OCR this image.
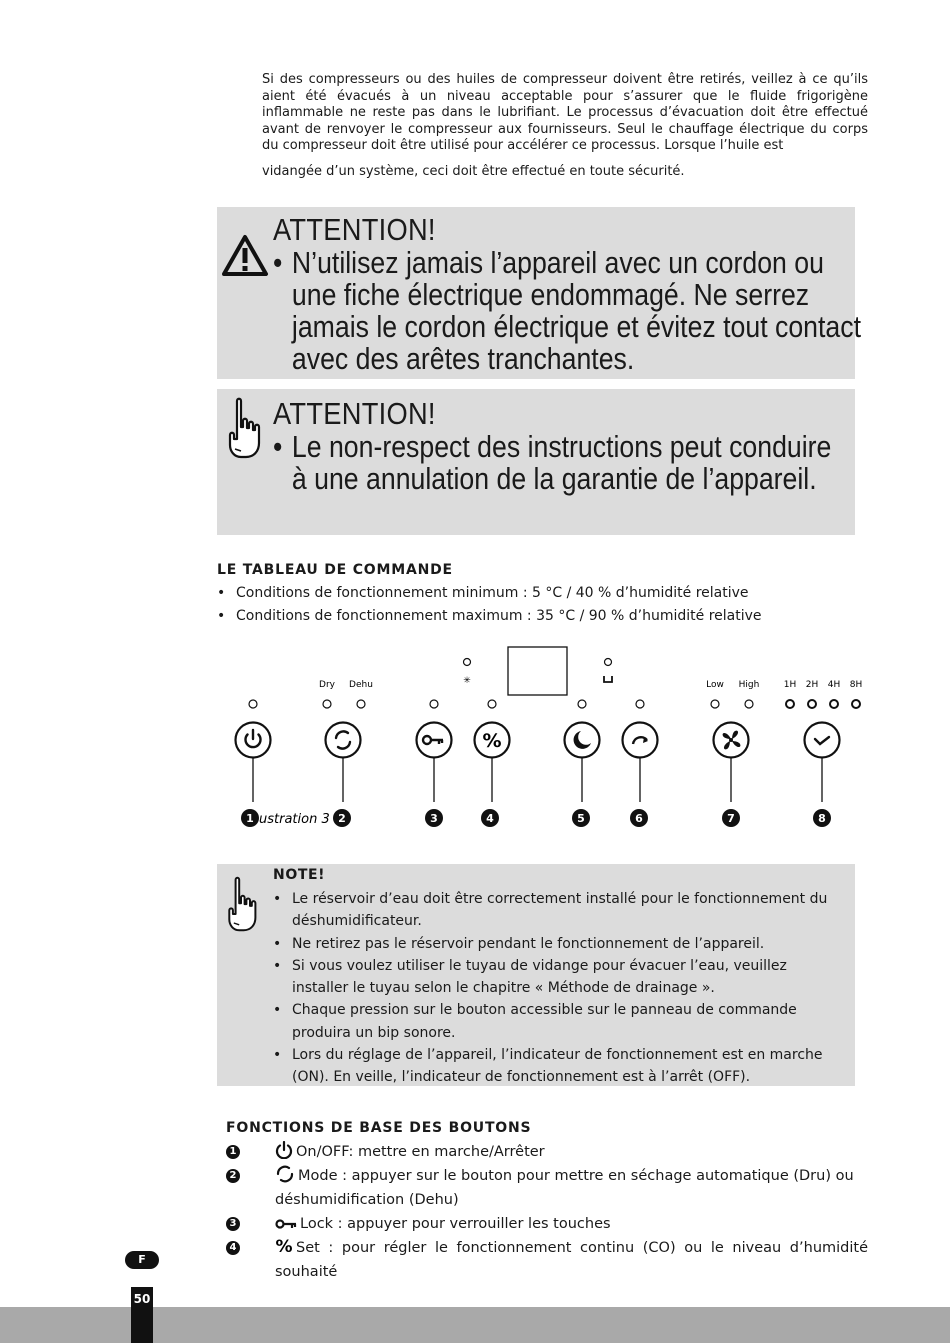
Si des compresseurs ou des huiles de compresseur doivent être retirés, veillez à ce qu’ils aient été évacués à un niveau acceptable pour s’assurer que le fluide frigorigène inflammable ne reste pas dans le lubrifiant. Le processus d’évacuation doit être effectué avant de renvoyer le compresseur aux fournisseurs. Seul le chauffage électrique du corps du compresseur doit être utilisé pour accélérer ce processus. Lorsque l’huile est

vidangée d’un système, ceci doit être effectué en toute sécurité.

ATTENTION!
• N’utilisez jamais l’appareil avec un cordon ou une fiche électrique endommagé. Ne serrez jamais le cordon électrique et évitez tout contact avec des arêtes tranchantes.
ATTENTION!
• Le non-respect des instructions peut conduire à une annulation de la garantie de l’appareil.
LE TABLEAU DE COMMANDE
• Conditions de fonctionnement minimum : 5 °C / 40 % d’humidité relative
• Conditions de fonctionnement maximum : 35 °C / 90 % d’humidité relative
✳
Dry Dehu	Low High	1H 2H 4H 8H
%
ustration 3
1	2	3	4	5	6	7	8
NOTE!
• Le réservoir d’eau doit être correctement installé pour le fonctionnement du déshumidificateur.
• Ne retirez pas le réservoir pendant le fonctionnement de l’appareil.
• Si vous voulez utiliser le tuyau de vidange pour évacuer l’eau, veuillez installer le tuyau selon le chapitre « Méthode de drainage ».
• Chaque pression sur le bouton accessible sur le panneau de commande produira un bip sonore.
• Lors du réglage de l’appareil, l’indicateur de fonctionnement est en marche (ON). En veille, l’indicateur de fonctionnement est à l’arrêt (OFF).
FONCTIONS DE BASE DES BOUTONS
1	On/OFF: mettre en marche/Arrêter
2	Mode : appuyer sur le bouton pour mettre en séchage automatique (Dru) ou
déshumidification (Dehu)
3	Lock : appuyer pour verrouiller les touches
4 % Set : pour régler le fonctionnement continu (CO) ou le niveau d’humidité souhaité
F
50
